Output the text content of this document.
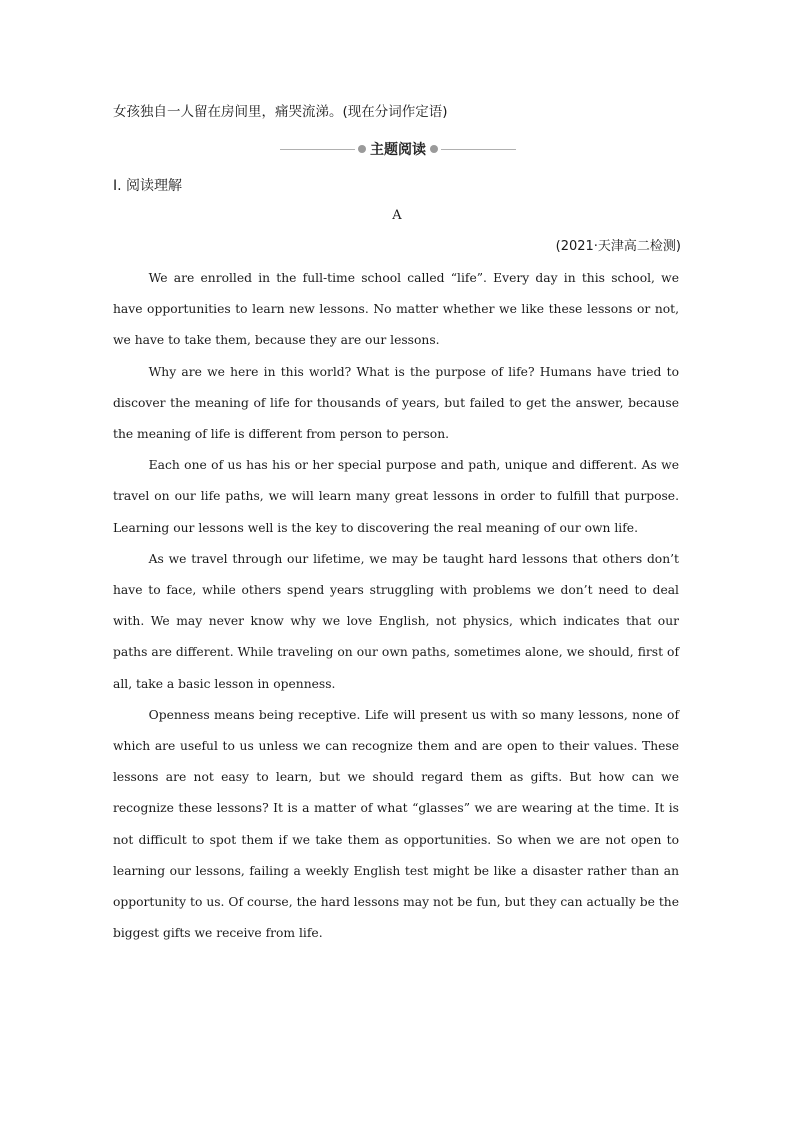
女孩独自一人留在房间里，痛哭流涕。(现在分词作定语)
主题阅读
Ⅰ. 阅读理解
A
(2021·天津高二检测)

We are enrolled in the full-time school called “life”. Every day in this school, we have opportunities to learn new lessons. No matter whether we like these lessons or not, we have to take them, because they are our lessons.

Why are we here in this world? What is the purpose of life? Humans have tried to discover the meaning of life for thousands of years, but failed to get the answer, because the meaning of life is different from person to person.

Each one of us has his or her special purpose and path, unique and different. As we travel on our life paths, we will learn many great lessons in order to fulfill that purpose. Learning our lessons well is the key to discovering the real meaning of our own life.

As we travel through our lifetime, we may be taught hard lessons that others don’t have to face, while others spend years struggling with problems we don’t need to deal with. We may never know why we love English, not physics, which indicates that our paths are different. While traveling on our own paths, sometimes alone, we should, first of all, take a basic lesson in openness.

Openness means being receptive. Life will present us with so many lessons, none of which are useful to us unless we can recognize them and are open to their values. These lessons are not easy to learn, but we should regard them as gifts. But how can we recognize these lessons? It is a matter of what “glasses” we are wearing at the time. It is not difficult to spot them if we take them as opportunities. So when we are not open to learning our lessons, failing a weekly English test might be like a disaster rather than an opportunity to us. Of course, the hard lessons may not be fun, but they can actually be the biggest gifts we receive from life.
